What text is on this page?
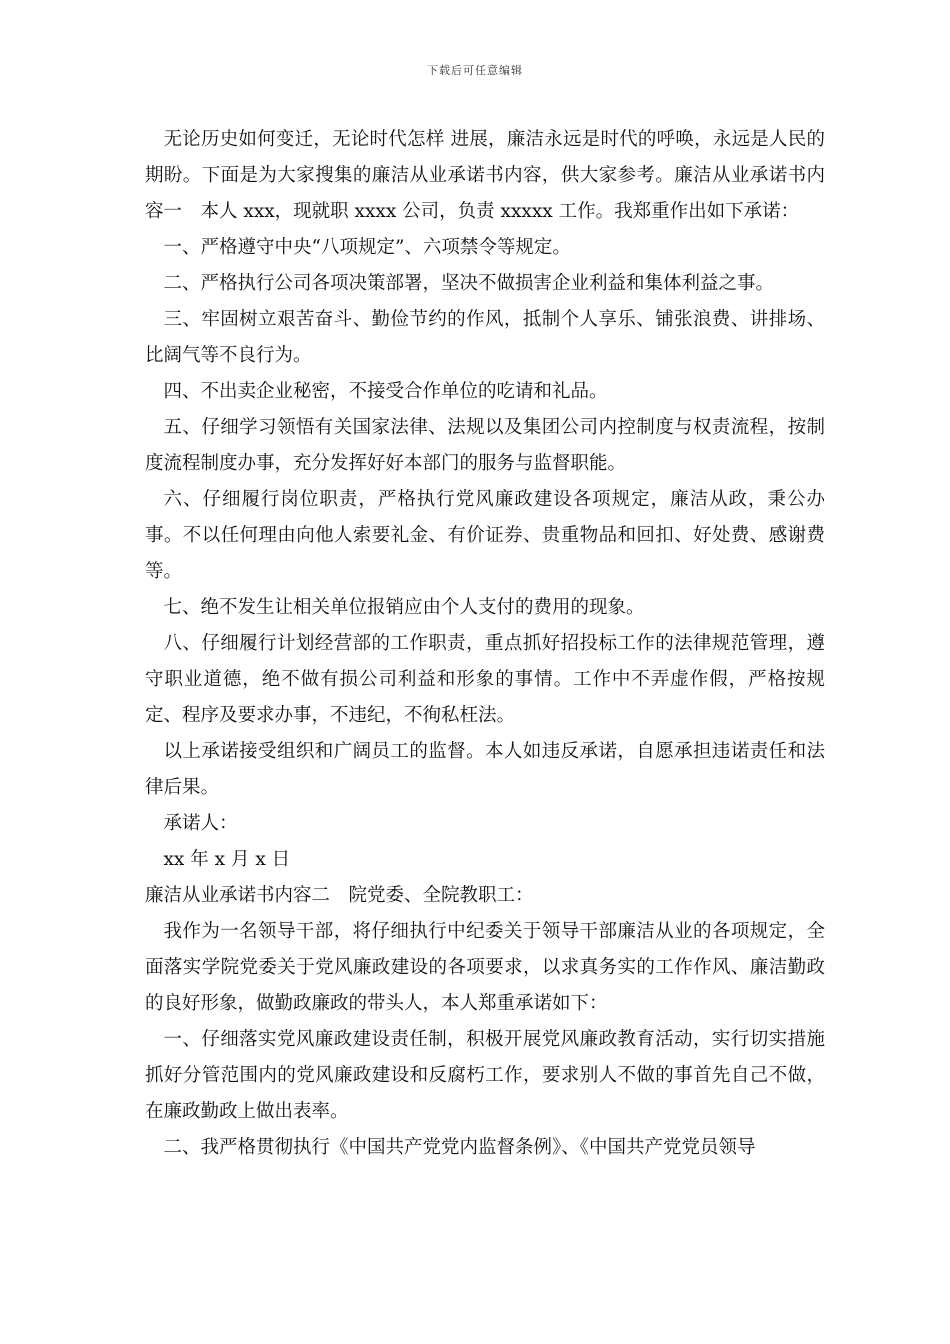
下载后可任意编辑

无论历史如何变迁，无论时代怎样 进展，廉洁永远是时代的呼唤，永远是人民的期盼。下面是为大家搜集的廉洁从业承诺书内容，供大家参考。廉洁从业承诺书内容一　本人 xxx，现就职 xxxx 公司，负责 xxxxx 工作。我郑重作出如下承诺：

一、严格遵守中央“八项规定”、六项禁令等规定。

二、严格执行公司各项决策部署，坚决不做损害企业利益和集体利益之事。

三、牢固树立艰苦奋斗、勤俭节约的作风，抵制个人享乐、铺张浪费、讲排场、比阔气等不良行为。

四、不出卖企业秘密，不接受合作单位的吃请和礼品。

五、仔细学习领悟有关国家法律、法规以及集团公司内控制度与权责流程，按制度流程制度办事，充分发挥好好本部门的服务与监督职能。

六、仔细履行岗位职责，严格执行党风廉政建设各项规定，廉洁从政，秉公办事。不以任何理由向他人索要礼金、有价证券、贵重物品和回扣、好处费、感谢费等。

七、绝不发生让相关单位报销应由个人支付的费用的现象。

八、仔细履行计划经营部的工作职责，重点抓好招投标工作的法律规范管理，遵守职业道德，绝不做有损公司利益和形象的事情。工作中不弄虚作假，严格按规定、程序及要求办事，不违纪，不徇私枉法。

以上承诺接受组织和广阔员工的监督。本人如违反承诺，自愿承担违诺责任和法律后果。

承诺人：

xx 年 x 月 x 日

廉洁从业承诺书内容二　院党委、全院教职工：

我作为一名领导干部，将仔细执行中纪委关于领导干部廉洁从业的各项规定，全面落实学院党委关于党风廉政建设的各项要求，以求真务实的工作作风、廉洁勤政的良好形象，做勤政廉政的带头人，本人郑重承诺如下：

一、仔细落实党风廉政建设责任制，积极开展党风廉政教育活动，实行切实措施抓好分管范围内的党风廉政建设和反腐朽工作，要求别人不做的事首先自己不做，在廉政勤政上做出表率。

二、我严格贯彻执行《中国共产党党内监督条例》、《中国共产党党员领导
